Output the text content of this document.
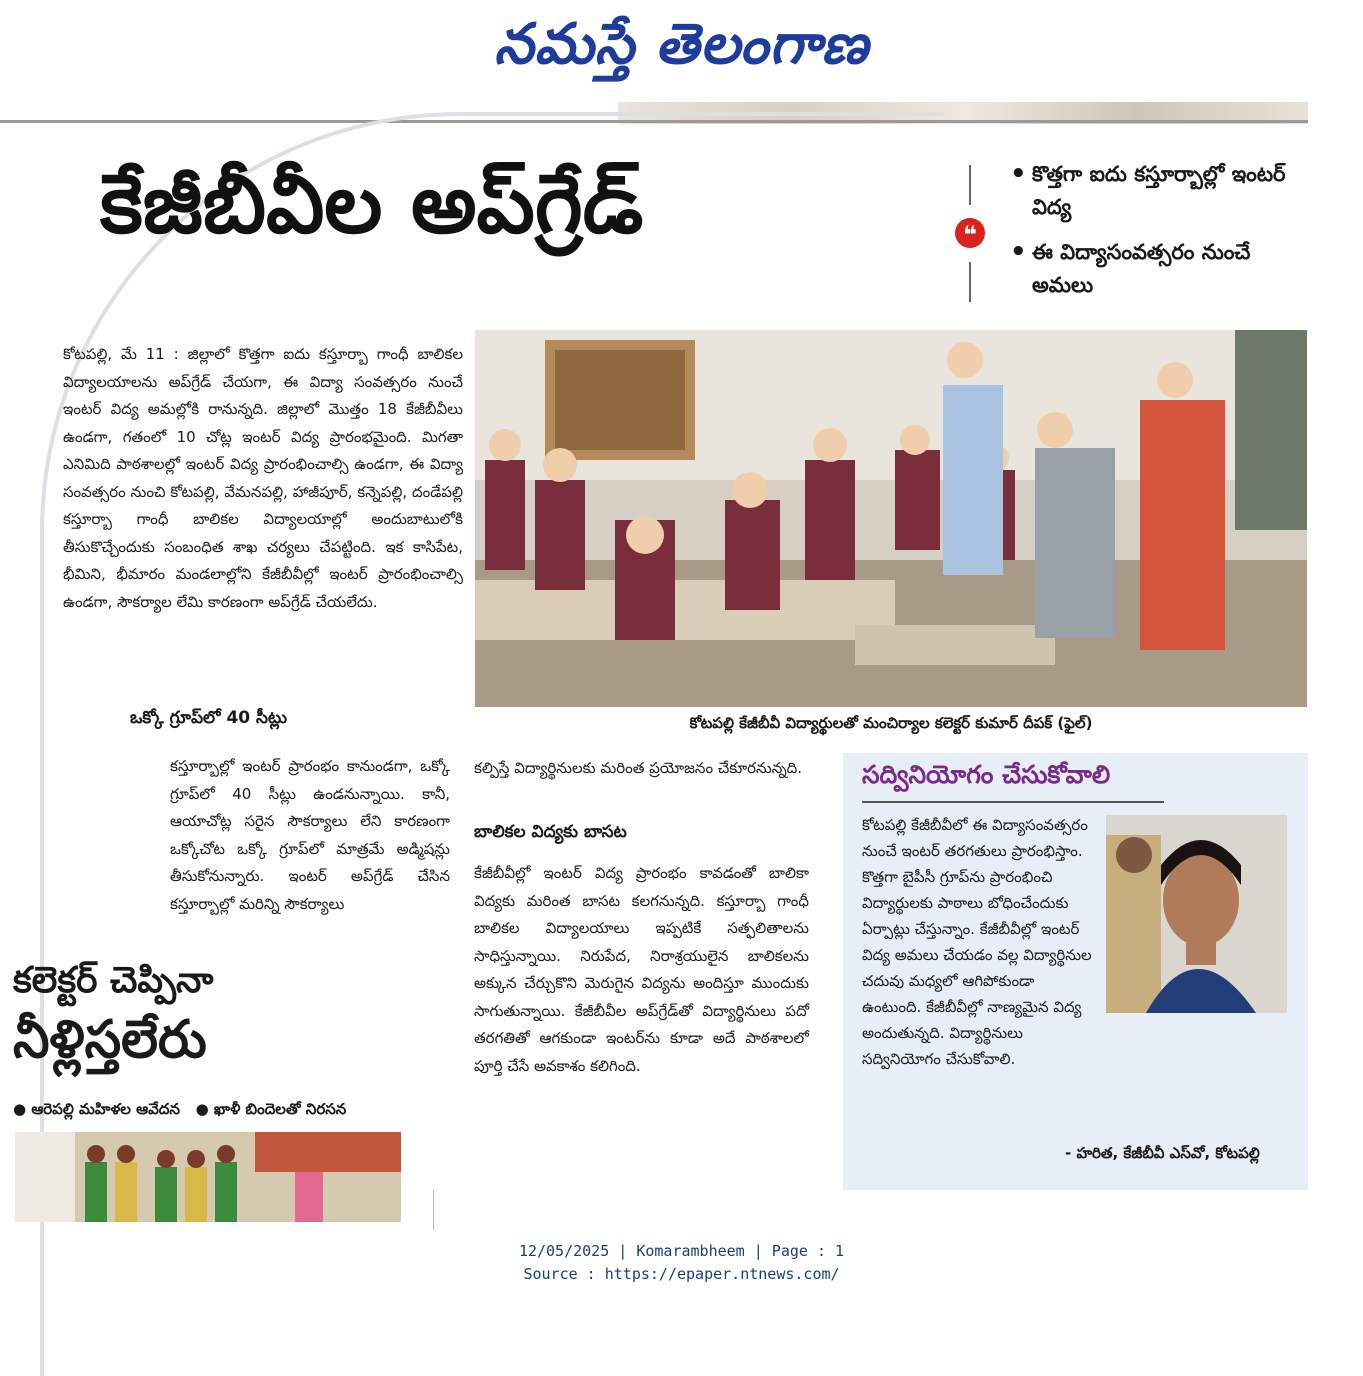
నమస్తే తెలంగాణ
కేజీబీవీల అప్‌గ్రేడ్	❝
• కొత్తగా ఐదు కస్తూర్బాల్లో ఇంటర్ విద్య
• ఈ విద్యాసంవత్సరం నుంచే అమలు
కోటపల్లి, మే 11 : జిల్లాలో కొత్తగా ఐదు కస్తూర్బా గాంధీ బాలికల విద్యాలయాలను అప్‌గ్రేడ్ చేయగా, ఈ విద్యా సంవత్సరం నుంచే ఇంటర్ విద్య అమల్లోకి రానున్నది. జిల్లాలో మొత్తం 18 కేజీబీవీలు ఉండగా, గతంలో 10 చోట్ల ఇంటర్ విద్య ప్రారంభమైంది. మిగతా ఎనిమిది పాఠశాలల్లో ఇంటర్ విద్య ప్రారంభించాల్సి ఉండగా, ఈ విద్యా సంవత్సరం నుంచి కోటపల్లి, వేమనపల్లి, హాజీపూర్, కన్నెపల్లి, దండేపల్లి కస్తూర్బా గాంధీ బాలికల విద్యాలయాల్లో అందుబాటులోకి తీసుకొచ్చేందుకు సంబంధిత శాఖ చర్యలు చేపట్టింది. ఇక కాసిపేట, భీమిని, భీమారం మండలాల్లోని కేజీబీవీల్లో ఇంటర్ ప్రారంభించాల్సి ఉండగా, సౌకర్యాల లేమి కారణంగా అప్‌గ్రేడ్ చేయలేదు.
కోటపల్లి కేజీబీవీ విద్యార్థులతో మంచిర్యాల కలెక్టర్ కుమార్ దీపక్ (ఫైల్)
ఒక్కో గ్రూప్‌లో 40 సీట్లు
కస్తూర్బాల్లో ఇంటర్ ప్రారంభం కానుండగా, ఒక్కో గ్రూప్‌లో 40 సీట్లు ఉండనున్నాయి. కానీ, ఆయాచోట్ల సరైన సౌకర్యాలు లేని కారణంగా ఒక్కోచోట ఒక్కో గ్రూప్‌లో మాత్రమే అడ్మిషన్లు తీసుకోనున్నారు. ఇంటర్ అప్‌గ్రేడ్ చేసిన కస్తూర్బాల్లో మరిన్ని సౌకర్యాలు
కల్పిస్తే విద్యార్థినులకు మరింత ప్రయోజనం చేకూరనున్నది.
బాలికల విద్యకు బాసట
కేజీబీవీల్లో ఇంటర్ విద్య ప్రారంభం కావడంతో బాలికా విద్యకు మరింత బాసట కలగనున్నది. కస్తూర్బా గాంధీ బాలికల విద్యాలయాలు ఇప్పటికే సత్ఫలితాలను సాధిస్తున్నాయి. నిరుపేద, నిరాశ్రయులైన బాలికలను అక్కున చేర్చుకొని మెరుగైన విద్యను అందిస్తూ ముందుకు సాగుతున్నాయి. కేజీబీవీల అప్‌గ్రేడ్‌తో విద్యార్థినులు పదో తరగతితో ఆగకుండా ఇంటర్‌ను కూడా అదే పాఠశాలలో పూర్తి చేసే అవకాశం కలిగింది.
సద్వినియోగం చేసుకోవాలి
కోటపల్లి కేజీబీవీలో ఈ విద్యాసంవత్సరం నుంచే ఇంటర్ తరగతులు ప్రారంభిస్తాం. కొత్తగా బైపీసీ గ్రూప్‌ను ప్రారంభించి విద్యార్థులకు పాఠాలు బోధించేందుకు ఏర్పాట్లు చేస్తున్నాం. కేజీబీవీల్లో ఇంటర్ విద్య అమలు చేయడం వల్ల విద్యార్థినుల చదువు మధ్యలో ఆగిపోకుండా ఉంటుంది. కేజీబీవీల్లో నాణ్యమైన విద్య అందుతున్నది. విద్యార్థినులు సద్వినియోగం చేసుకోవాలి.
- హరిత, కేజీబీవీ ఎస్‌వో, కోటపల్లి
కలెక్టర్ చెప్పినా
నీళ్లిస్తలేరు
● ఆరెపల్లి మహిళల ఆవేదన ● ఖాళీ బిందెలతో నిరసన
12/05/2025 | Komarambheem | Page : 1
Source : https://epaper.ntnews.com/
